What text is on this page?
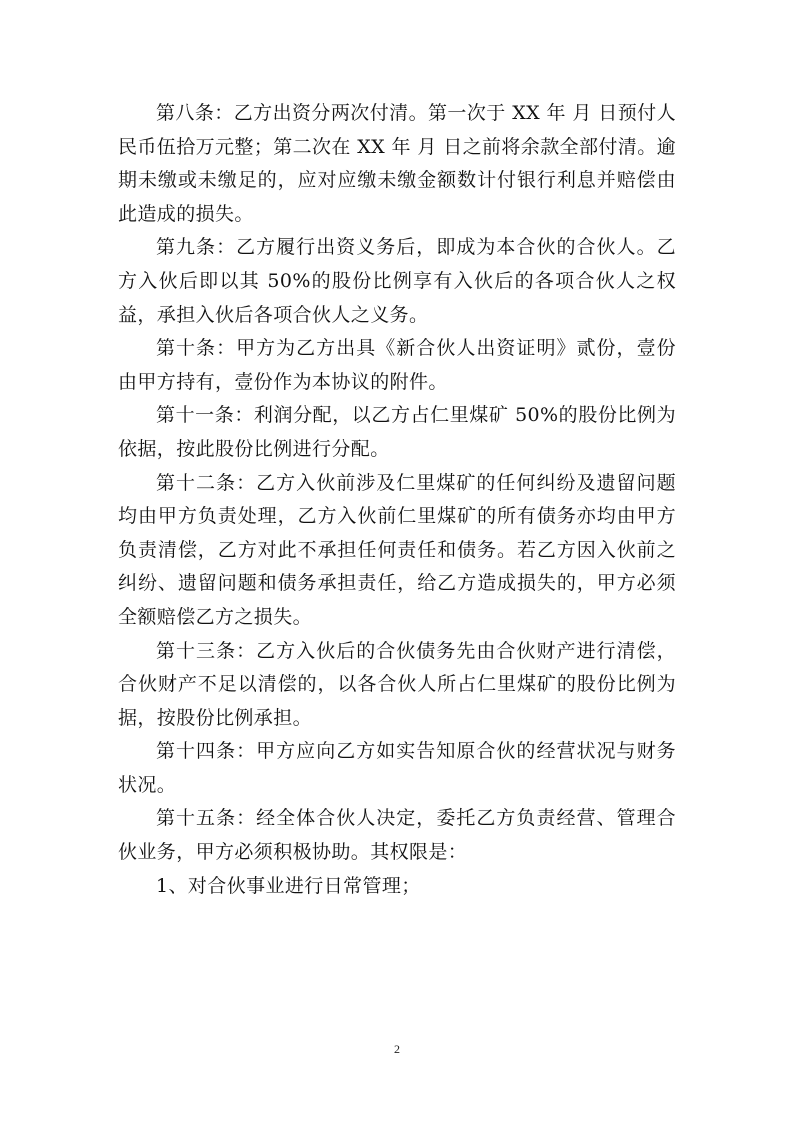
第八条：乙方出资分两次付清。第一次于 XX 年 月 日预付人民币伍拾万元整；第二次在 XX 年 月 日之前将余款全部付清。逾期未缴或未缴足的，应对应缴未缴金额数计付银行利息并赔偿由此造成的损失。

第九条：乙方履行出资义务后，即成为本合伙的合伙人。乙方入伙后即以其 50%的股份比例享有入伙后的各项合伙人之权益，承担入伙后各项合伙人之义务。

第十条：甲方为乙方出具《新合伙人出资证明》贰份，壹份由甲方持有，壹份作为本协议的附件。

第十一条：利润分配，以乙方占仁里煤矿 50%的股份比例为依据，按此股份比例进行分配。

第十二条：乙方入伙前涉及仁里煤矿的任何纠纷及遗留问题均由甲方负责处理，乙方入伙前仁里煤矿的所有债务亦均由甲方负责清偿，乙方对此不承担任何责任和债务。若乙方因入伙前之纠纷、遗留问题和债务承担责任，给乙方造成损失的，甲方必须全额赔偿乙方之损失。

第十三条：乙方入伙后的合伙债务先由合伙财产进行清偿，合伙财产不足以清偿的，以各合伙人所占仁里煤矿的股份比例为据，按股份比例承担。

第十四条：甲方应向乙方如实告知原合伙的经营状况与财务状况。

第十五条：经全体合伙人决定，委托乙方负责经营、管理合伙业务，甲方必须积极协助。其权限是：

1、对合伙事业进行日常管理；

2
